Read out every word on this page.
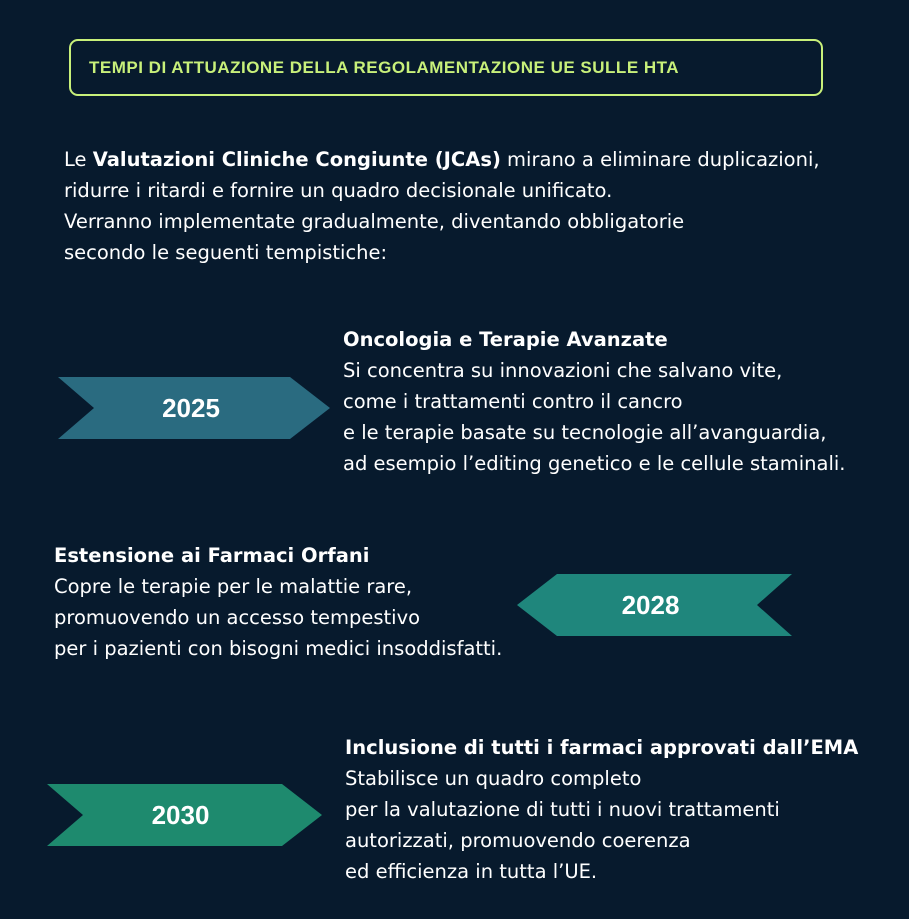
TEMPI DI ATTUAZIONE DELLA REGOLAMENTAZIONE UE SULLE HTA
Le Valutazioni Cliniche Congiunte (JCAs) mirano a eliminare duplicazioni,
ridurre i ritardi e fornire un quadro decisionale unificato.
Verranno implementate gradualmente, diventando obbligatorie
secondo le seguenti tempistiche:
2025
Oncologia e Terapie Avanzate
Si concentra su innovazioni che salvano vite,
come i trattamenti contro il cancro
e le terapie basate su tecnologie all’avanguardia,
ad esempio l’editing genetico e le cellule staminali.
Estensione ai Farmaci Orfani
Copre le terapie per le malattie rare,
promuovendo un accesso tempestivo
per i pazienti con bisogni medici insoddisfatti.
2028
2030
Inclusione di tutti i farmaci approvati dall’EMA
Stabilisce un quadro completo
per la valutazione di tutti i nuovi trattamenti
autorizzati, promuovendo coerenza
ed efficienza in tutta l’UE.
